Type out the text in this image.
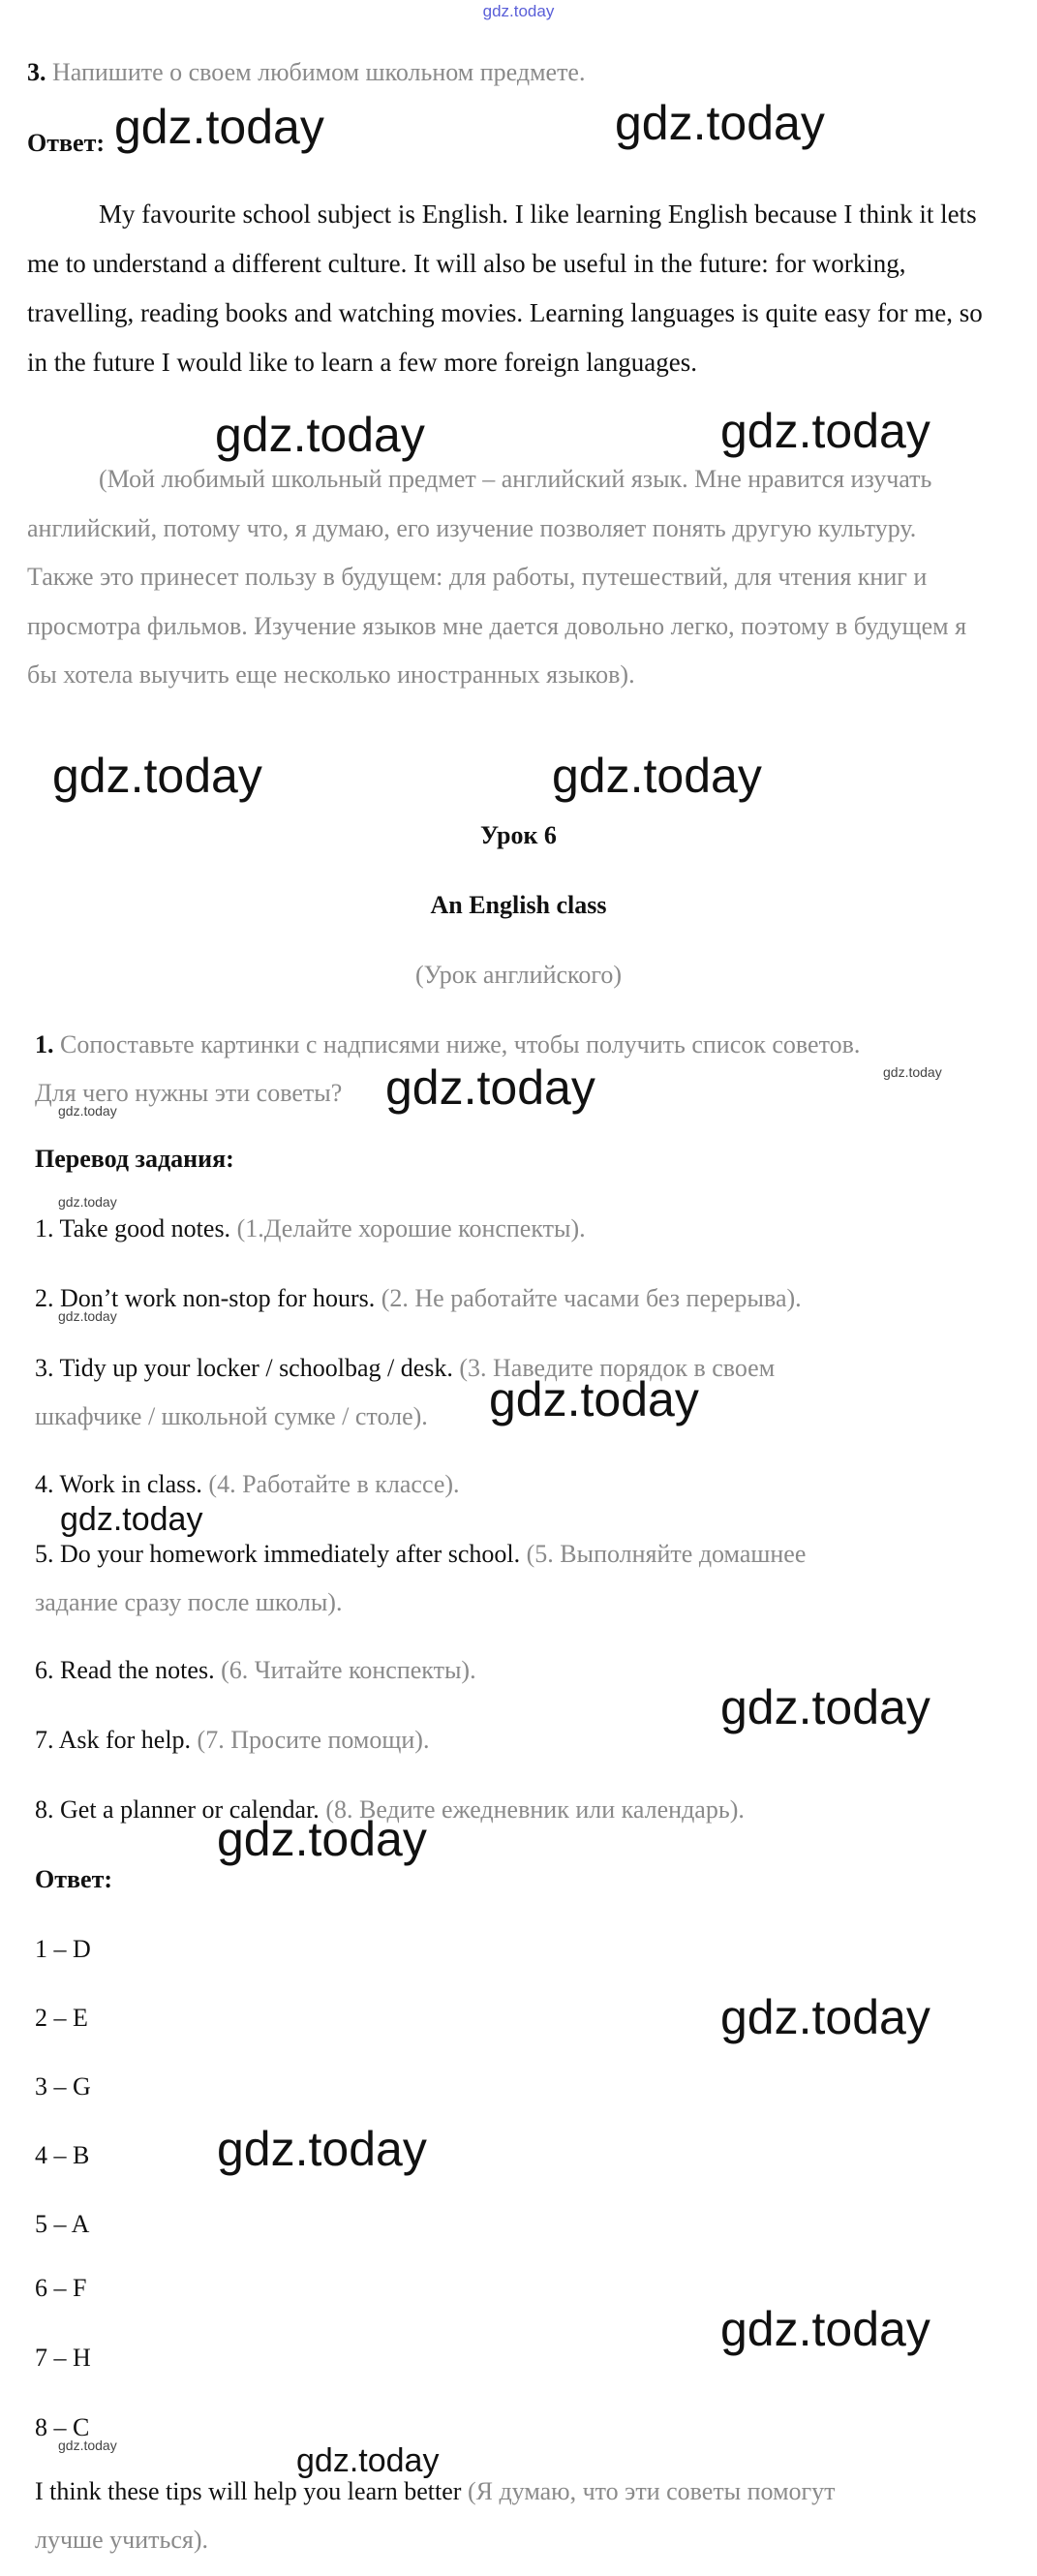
gdz.today
3. Напишите о своем любимом школьном предмете.
Ответ:
My favourite school subject is English. I like learning English because I think it lets me to understand a different culture. It will also be useful in the future: for working, travelling, reading books and watching movies. Learning languages is quite easy for me, so in the future I would like to learn a few more foreign languages.
(Мой любимый школьный предмет – английский язык. Мне нравится изучать английский, потому что, я думаю, его изучение позволяет понять другую культуру. Также это принесет пользу в будущем: для работы, путешествий, для чтения книг и просмотра фильмов. Изучение языков мне дается довольно легко, поэтому в будущем я бы хотела выучить еще несколько иностранных языков).
Урок 6
An English class
(Урок английского)
1. Сопоставьте картинки с надписями ниже, чтобы получить список советов.
Для чего нужны эти советы?
Перевод задания:
1. Take good notes. (1.Делайте хорошие конспекты).
2. Don’t work non-stop for hours. (2. Не работайте часами без перерыва).
3. Tidy up your locker / schoolbag / desk. (3. Наведите порядок в своем
шкафчике / школьной сумке / столе).
4. Work in class. (4. Работайте в классе).
5. Do your homework immediately after school. (5. Выполняйте домашнее
задание сразу после школы).
6. Read the notes. (6. Читайте конспекты).
7. Ask for help. (7. Просите помощи).
8. Get a planner or calendar. (8. Ведите ежедневник или календарь).
Ответ:
1 – D
2 – E
3 – G
4 – B
5 – A
6 – F
7 – H
8 – C
I think these tips will help you learn better (Я думаю, что эти советы помогут
лучше учиться).
gdz.today	gdz.today
gdz.today	gdz.today
gdz.today	gdz.today
gdz.today
gdz.today
gdz.today
gdz.today
gdz.today
gdz.today
gdz.today
gdz.today
gdz.today
gdz.today
gdz.today
gdz.today
gdz.today
gdz.today
